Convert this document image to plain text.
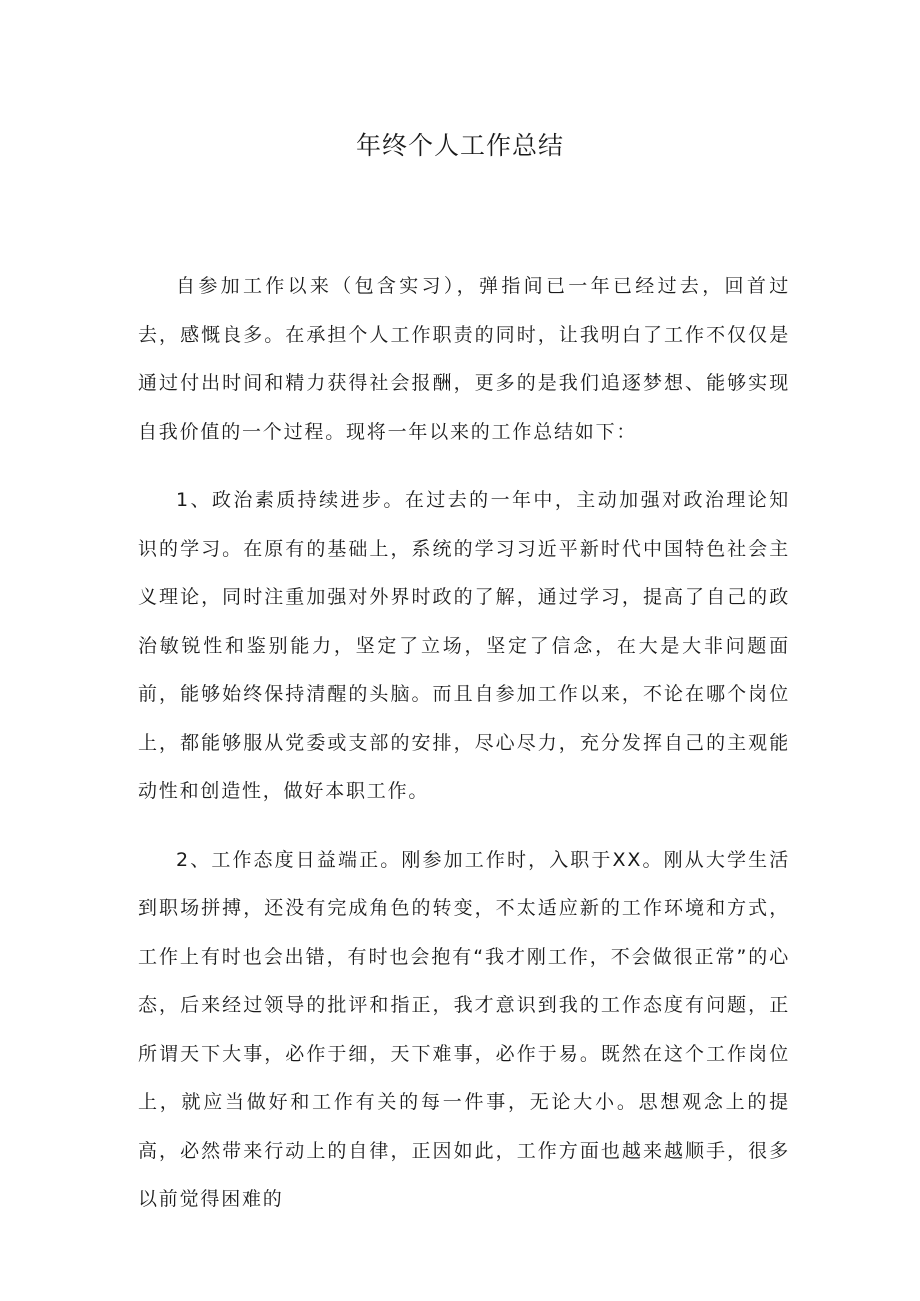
年终个人工作总结

自参加工作以来（包含实习），弹指间已一年已经过去，回首过去，感慨良多。在承担个人工作职责的同时，让我明白了工作不仅仅是通过付出时间和精力获得社会报酬，更多的是我们追逐梦想、能够实现自我价值的一个过程。现将一年以来的工作总结如下：

1、政治素质持续进步。在过去的一年中，主动加强对政治理论知识的学习。在原有的基础上，系统的学习习近平新时代中国特色社会主义理论，同时注重加强对外界时政的了解，通过学习，提高了自己的政治敏锐性和鉴别能力，坚定了立场，坚定了信念，在大是大非问题面前，能够始终保持清醒的头脑。而且自参加工作以来，不论在哪个岗位上，都能够服从党委或支部的安排，尽心尽力，充分发挥自己的主观能动性和创造性，做好本职工作。

2、工作态度日益端正。刚参加工作时，入职于XX。刚从大学生活到职场拼搏，还没有完成角色的转变，不太适应新的工作环境和方式，工作上有时也会出错，有时也会抱有“我才刚工作，不会做很正常”的心态，后来经过领导的批评和指正，我才意识到我的工作态度有问题，正所谓天下大事，必作于细，天下难事，必作于易。既然在这个工作岗位上，就应当做好和工作有关的每一件事，无论大小。思想观念上的提高，必然带来行动上的自律，正因如此，工作方面也越来越顺手，很多以前觉得困难的
